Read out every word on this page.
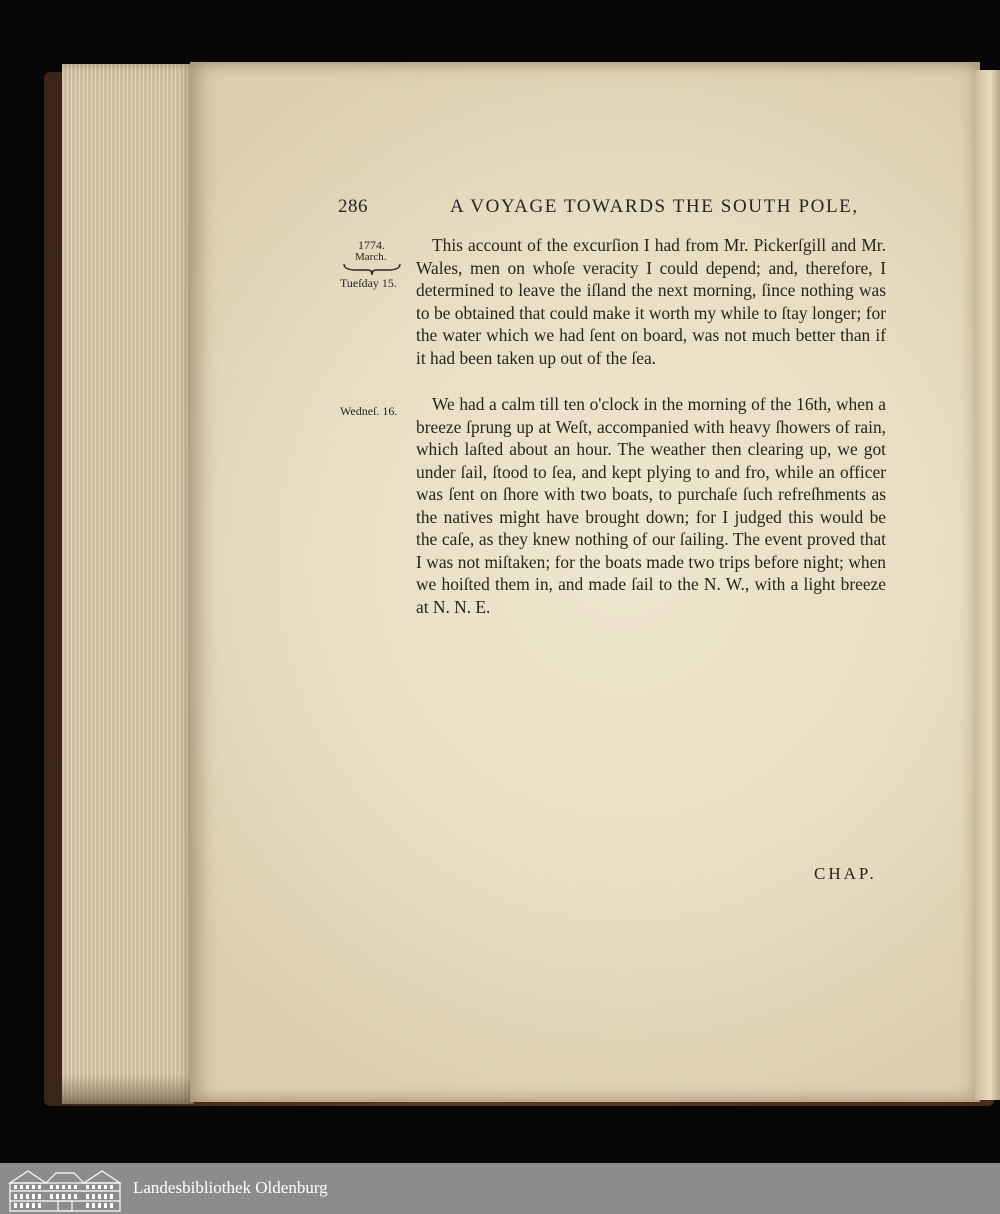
286	A VOYAGE TOWARDS THE SOUTH POLE,
1774.
March.
Tueſday 15.
Wedneſ. 16.

This account of the excurſion I had from Mr. Pickerſgill and Mr. Wales, men on whoſe veracity I could depend; and, therefore, I determined to leave the iſland the next morning, ſince nothing was to be obtained that could make it worth my while to ſtay longer; for the water which we had ſent on board, was not much better than if it had been taken up out of the ſea.

We had a calm till ten o'clock in the morning of the 16th, when a breeze ſprung up at Weſt, accompanied with heavy ſhowers of rain, which laſted about an hour. The weather then clearing up, we got under ſail, ſtood to ſea, and kept plying to and fro, while an officer was ſent on ſhore with two boats, to purchaſe ſuch refreſhments as the natives might have brought down; for I judged this would be the caſe, as they knew nothing of our ſailing. The event proved that I was not miſtaken; for the boats made two trips before night; when we hoiſted them in, and made ſail to the N. W., with a light breeze at N. N. E.

CHAP.
Landesbibliothek Oldenburg
